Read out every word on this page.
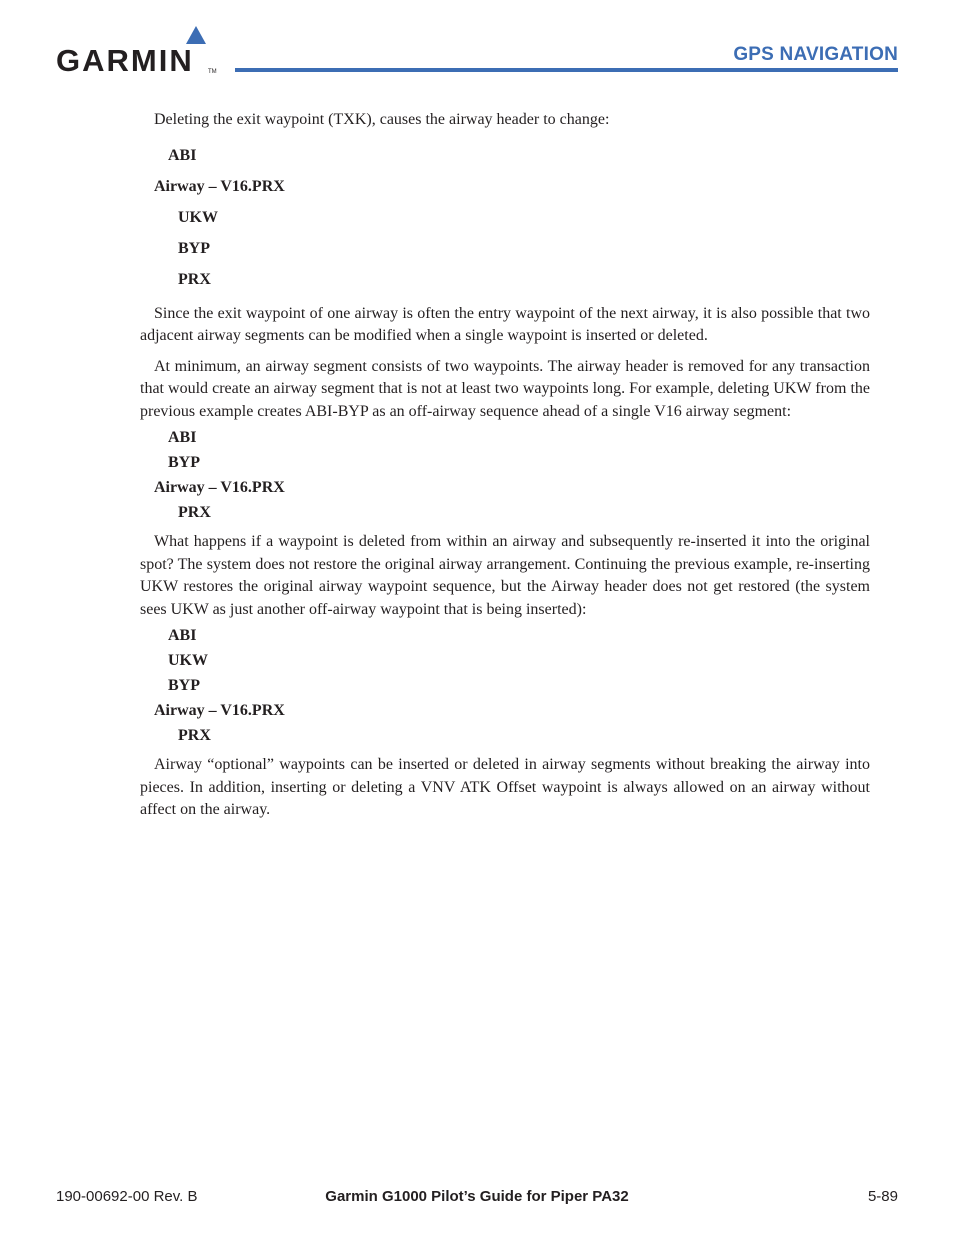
GARMIN TM
GPS NAVIGATION

Deleting the exit waypoint (TXK), causes the airway header to change:

ABI
Airway – V16.PRX
UKW
BYP
PRX

Since the exit waypoint of one airway is often the entry waypoint of the next airway, it is also possible that two adjacent airway segments can be modified when a single waypoint is inserted or deleted.

At minimum, an airway segment consists of two waypoints. The airway header is removed for any transaction that would create an airway segment that is not at least two waypoints long. For example, deleting UKW from the previous example creates ABI-BYP as an off-airway sequence ahead of a single V16 airway segment:

ABI
BYP
Airway – V16.PRX
PRX

What happens if a waypoint is deleted from within an airway and subsequently re-inserted it into the original spot? The system does not restore the original airway arrangement. Continuing the previous example, re-inserting UKW restores the original airway waypoint sequence, but the Airway header does not get restored (the system sees UKW as just another off-airway waypoint that is being inserted):

ABI
UKW
BYP
Airway – V16.PRX
PRX

Airway “optional” waypoints can be inserted or deleted in airway segments without breaking the airway into pieces. In addition, inserting or deleting a VNV ATK Offset waypoint is always allowed on an airway without affect on the airway.

190-00692-00 Rev. B	Garmin G1000 Pilot’s Guide for Piper PA32	5-89
